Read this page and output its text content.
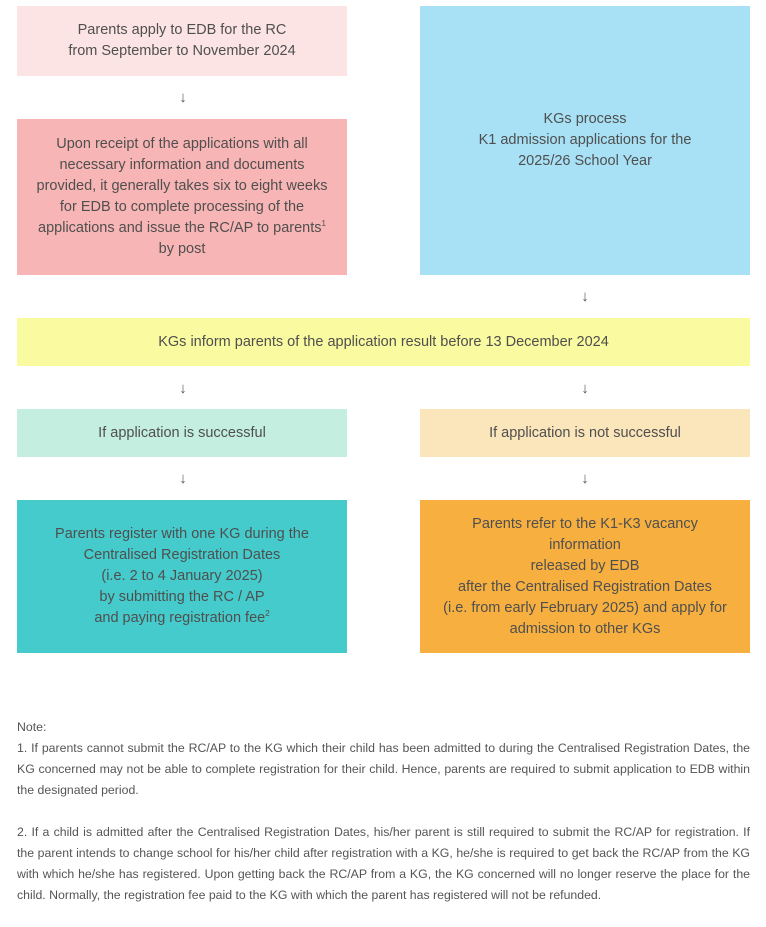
Parents apply to EDB for the RC
from September to November 2024
↓
Upon receipt of the applications with all
necessary information and documents
provided, it generally takes six to eight weeks
for EDB to complete processing of the
applications and issue the RC/AP to parents$^1$
by post
KGs process
K1 admission applications for the
2025/26 School Year
↓
KGs inform parents of the application result before 13 December 2024
↓	↓
If application is successful	If application is not successful
↓	↓
Parents register with one KG during the
Centralised Registration Dates
(i.e. 2 to 4 January 2025)
by submitting the RC / AP
and paying registration fee$^2$
Parents refer to the K1-K3 vacancy
information
released by EDB
after the Centralised Registration Dates
(i.e. from early February 2025) and apply for
admission to other KGs

Note:

1. If parents cannot submit the RC/AP to the KG which their child has been admitted to during the Centralised Registration Dates, the KG concerned may not be able to complete registration for their child. Hence, parents are required to submit application to EDB within the designated period.

2. If a child is admitted after the Centralised Registration Dates, his/her parent is still required to submit the RC/AP for registration. If the parent intends to change school for his/her child after registration with a KG, he/she is required to get back the RC/AP from the KG with which he/she has registered. Upon getting back the RC/AP from a KG, the KG concerned will no longer reserve the place for the child. Normally, the registration fee paid to the KG with which the parent has registered will not be refunded.
